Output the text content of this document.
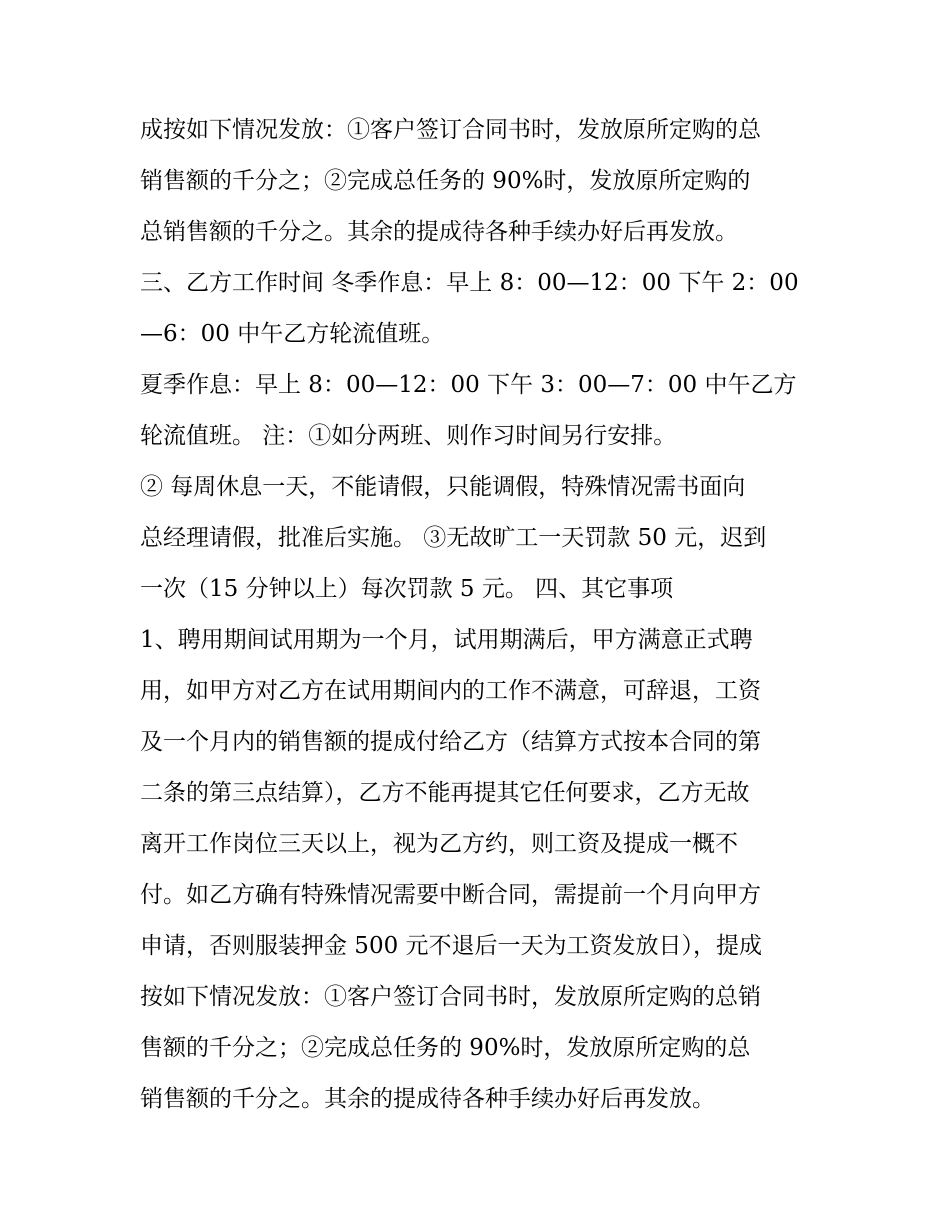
成按如下情况发放：①客户签订合同书时，发放原所定购的总
销售额的千分之；②完成总任务的 90%时，发放原所定购的
总销售额的千分之。其余的提成待各种手续办好后再发放。
三、乙方工作时间 冬季作息：早上 8：00—12：00 下午 2：00
—6：00 中午乙方轮流值班。
夏季作息：早上 8：00—12：00 下午 3：00—7：00 中午乙方
轮流值班。 注：①如分两班、则作习时间另行安排。
② 每周休息一天，不能请假，只能调假，特殊情况需书面向
总经理请假，批准后实施。 ③无故旷工一天罚款 50 元，迟到
一次（15 分钟以上）每次罚款 5 元。 四、其它事项
1、聘用期间试用期为一个月，试用期满后，甲方满意正式聘
用，如甲方对乙方在试用期间内的工作不满意，可辞退，工资
及一个月内的销售额的提成付给乙方（结算方式按本合同的第
二条的第三点结算），乙方不能再提其它任何要求，乙方无故
离开工作岗位三天以上，视为乙方约，则工资及提成一概不
付。如乙方确有特殊情况需要中断合同，需提前一个月向甲方
申请，否则服装押金 500 元不退后一天为工资发放日），提成
按如下情况发放：①客户签订合同书时，发放原所定购的总销
售额的千分之；②完成总任务的 90%时，发放原所定购的总
销售额的千分之。其余的提成待各种手续办好后再发放。
